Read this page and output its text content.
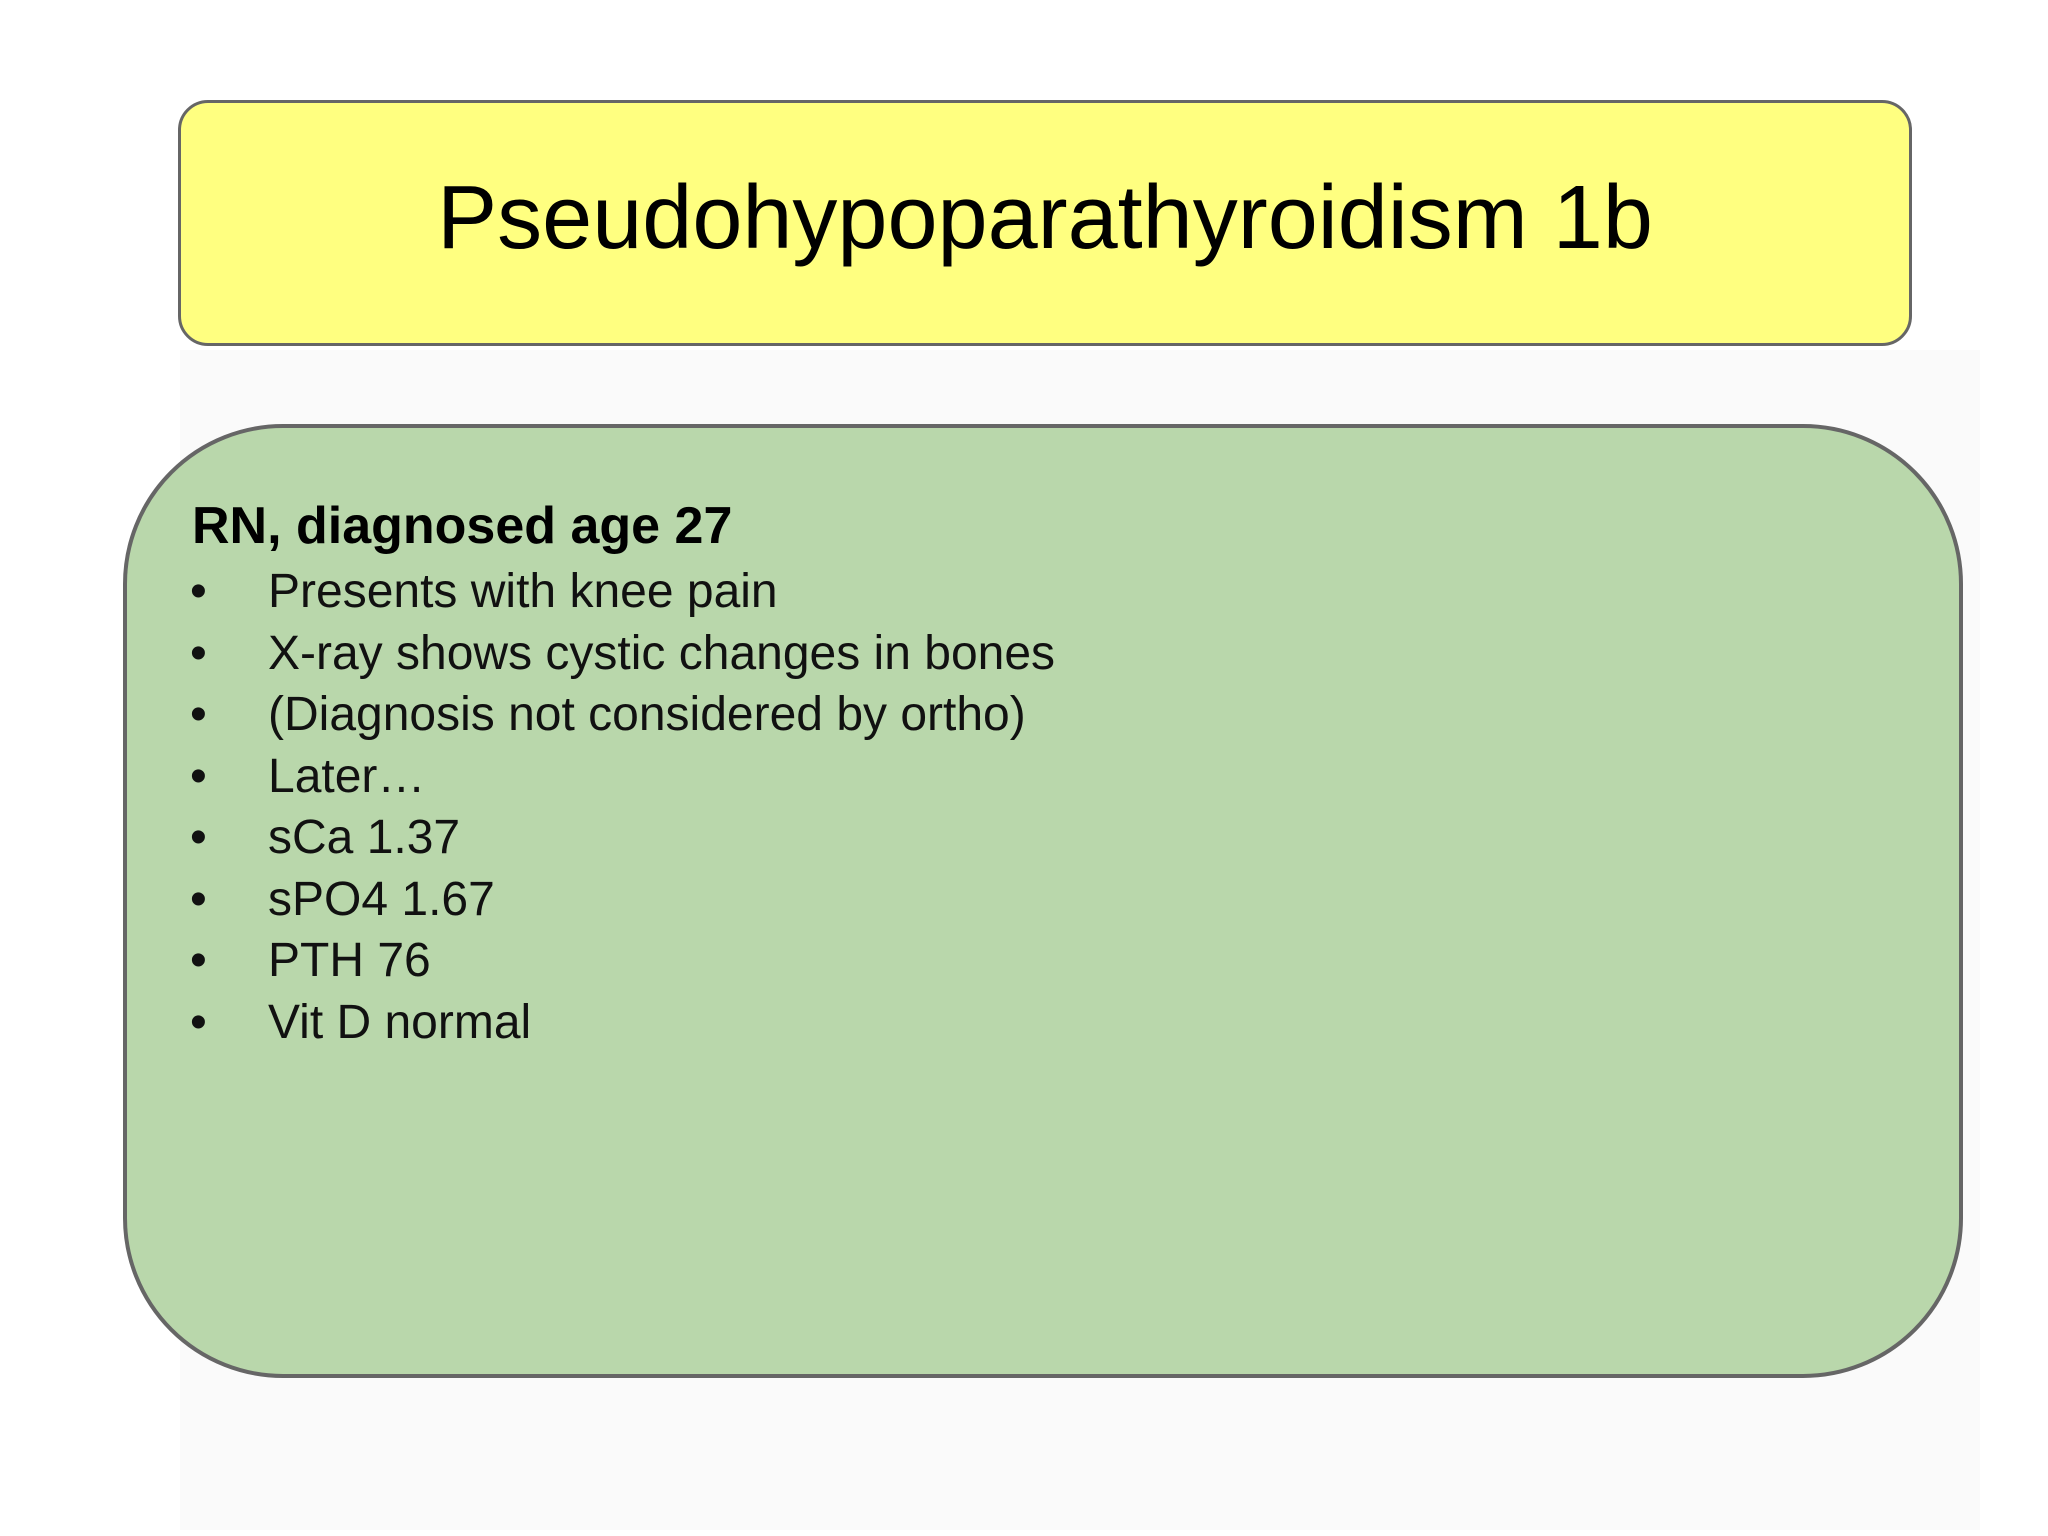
Pseudohypoparathyroidism 1b
RN, diagnosed age 27
• Presents with knee pain
• X-ray shows cystic changes in bones
• (Diagnosis not considered by ortho)
• Later…
• sCa 1.37
• sPO4 1.67
• PTH 76
• Vit D normal
